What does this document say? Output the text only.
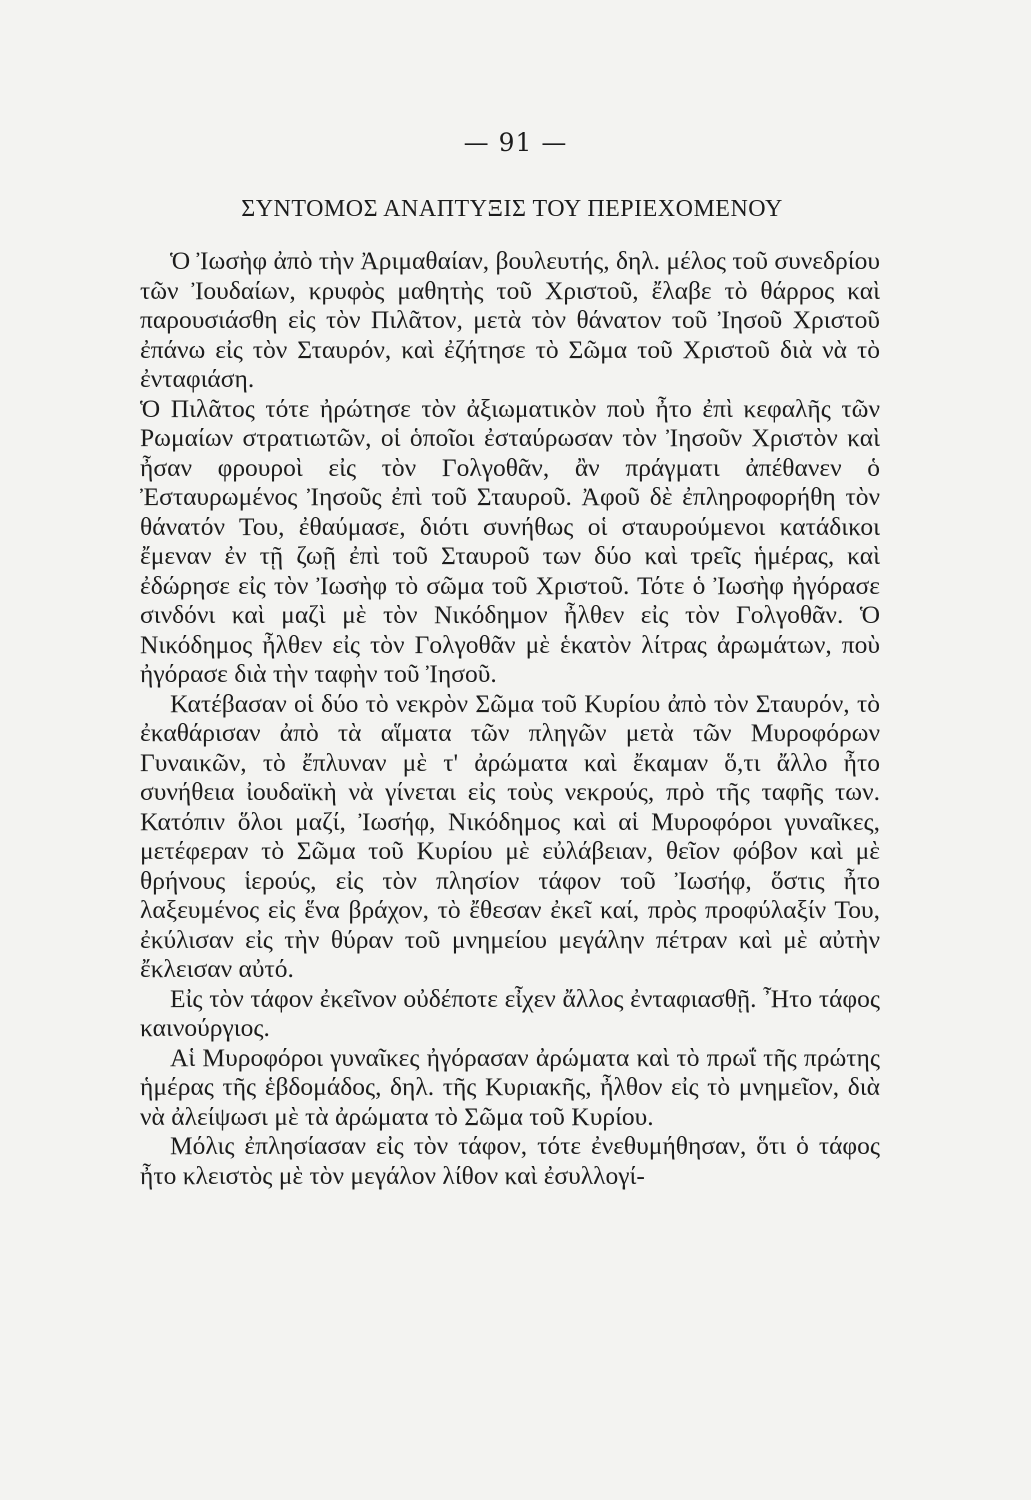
— 91 —
ΣΥΝΤΟΜΟΣ ΑΝΑΠΤΥΞΙΣ ΤΟΥ ΠΕΡΙΕΧΟΜΕΝΟΥ

Ὁ Ἰωσὴφ ἀπὸ τὴν Ἀριμαθαίαν, βουλευτής, δηλ. μέλος τοῦ συνεδρίου τῶν Ἰουδαίων, κρυφὸς μαθητὴς τοῦ Χριστοῦ, ἔλαβε τὸ θάρρος καὶ παρουσιάσθη εἰς τὸν Πιλᾶτον, μετὰ τὸν θάνατον τοῦ Ἰησοῦ Χριστοῦ ἐπάνω εἰς τὸν Σταυρόν, καὶ ἐζήτησε τὸ Σῶμα τοῦ Χριστοῦ διὰ νὰ τὸ ἐνταφιάση.

Ὁ Πιλᾶτος τότε ἠρώτησε τὸν ἀξιωματικὸν ποὺ ἦτο ἐπὶ κεφαλῆς τῶν Ρωμαίων στρατιωτῶν, οἱ ὁποῖοι ἐσταύρωσαν τὸν Ἰησοῦν Χριστὸν καὶ ἦσαν φρουροὶ εἰς τὸν Γολγοθᾶν, ἂν πράγματι ἀπέθανεν ὁ Ἐσταυρωμένος Ἰησοῦς ἐπὶ τοῦ Σταυροῦ. Ἀφοῦ δὲ ἐπληροφορήθη τὸν θάνατόν Του, ἐθαύμασε, διότι συνήθως οἱ σταυρούμενοι κατάδικοι ἔμεναν ἐν τῇ ζωῇ ἐπὶ τοῦ Σταυροῦ των δύο καὶ τρεῖς ἡμέρας, καὶ ἐδώρησε εἰς τὸν Ἰωσὴφ τὸ σῶμα τοῦ Χριστοῦ. Τότε ὁ Ἰωσὴφ ἠγόρασε σινδόνι καὶ μαζὶ μὲ τὸν Νικόδημον ἦλθεν εἰς τὸν Γολγοθᾶν. Ὁ Νικόδημος ἦλθεν εἰς τὸν Γολγοθᾶν μὲ ἑκατὸν λίτρας ἀρωμάτων, ποὺ ἠγόρασε διὰ τὴν ταφὴν τοῦ Ἰησοῦ.

Κατέβασαν οἱ δύο τὸ νεκρὸν Σῶμα τοῦ Κυρίου ἀπὸ τὸν Σταυρόν, τὸ ἐκαθάρισαν ἀπὸ τὰ αἵματα τῶν πληγῶν μετὰ τῶν Μυροφόρων Γυναικῶν, τὸ ἔπλυναν μὲ τ' ἀρώματα καὶ ἔκαμαν ὅ,τι ἄλλο ἦτο συνήθεια ἰουδαϊκὴ νὰ γίνεται εἰς τοὺς νεκρούς, πρὸ τῆς ταφῆς των. Κατόπιν ὅλοι μαζί, Ἰωσήφ, Νικόδημος καὶ αἱ Μυροφόροι γυναῖκες, μετέφεραν τὸ Σῶμα τοῦ Κυρίου μὲ εὐλάβειαν, θεῖον φόβον καὶ μὲ θρήνους ἱερούς, εἰς τὸν πλησίον τάφον τοῦ Ἰωσήφ, ὅστις ἦτο λαξευμένος εἰς ἕνα βράχον, τὸ ἔθεσαν ἐκεῖ καί, πρὸς προφύλαξίν Του, ἐκύλισαν εἰς τὴν θύραν τοῦ μνημείου μεγάλην πέτραν καὶ μὲ αὐτὴν ἔκλεισαν αὐτό.

Εἰς τὸν τάφον ἐκεῖνον οὐδέποτε εἶχεν ἄλλος ἐνταφιασθῇ. Ἦτο τάφος καινούργιος.

Αἱ Μυροφόροι γυναῖκες ἠγόρασαν ἀρώματα καὶ τὸ πρωΐ τῆς πρώτης ἡμέρας τῆς ἑβδομάδος, δηλ. τῆς Κυριακῆς, ἦλθον εἰς τὸ μνημεῖον, διὰ νὰ ἀλείψωσι μὲ τὰ ἀρώματα τὸ Σῶμα τοῦ Κυρίου.

Μόλις ἐπλησίασαν εἰς τὸν τάφον, τότε ἐνεθυμήθησαν, ὅτι ὁ τάφος ἦτο κλειστὸς μὲ τὸν μεγάλον λίθον καὶ ἐσυλλογί-
